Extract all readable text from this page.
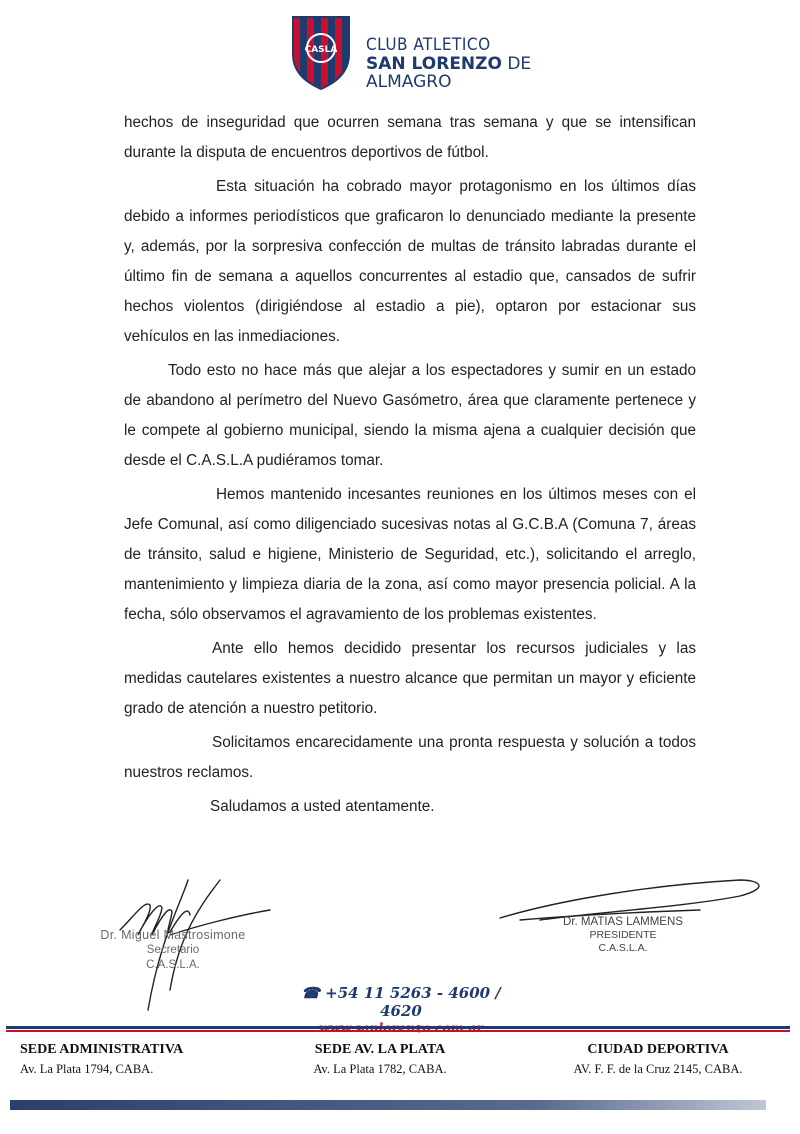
CASLA CLUB ATLETICO
SAN LORENZO DE ALMAGRO

hechos de inseguridad que ocurren semana tras semana y que se intensifican durante la disputa de encuentros deportivos de fútbol.

Esta situación ha cobrado mayor protagonismo en los últimos días debido a informes periodísticos que graficaron lo denunciado mediante la presente y, además, por la sorpresiva confección de multas de tránsito labradas durante el último fin de semana a aquellos concurrentes al estadio que, cansados de sufrir hechos violentos (dirigiéndose al estadio a pie), optaron por estacionar sus vehículos en las inmediaciones.

Todo esto no hace más que alejar a los espectadores y sumir en un estado de abandono al perímetro del Nuevo Gasómetro, área que claramente pertenece y le compete al gobierno municipal, siendo la misma ajena a cualquier decisión que desde el C.A.S.L.A pudiéramos tomar.

Hemos mantenido incesantes reuniones en los últimos meses con el Jefe Comunal, así como diligenciado sucesivas notas al G.C.B.A (Comuna 7, áreas de tránsito, salud e higiene, Ministerio de Seguridad, etc.), solicitando el arreglo, mantenimiento y limpieza diaria de la zona, así como mayor presencia policial. A la fecha, sólo observamos el agravamiento de los problemas existentes.

Ante ello hemos decidido presentar los recursos judiciales y las medidas cautelares existentes a nuestro alcance que permitan un mayor y eficiente grado de atención a nuestro petitorio.

Solicitamos encarecidamente una pronta respuesta y solución a todos nuestros reclamos.

Saludamos a usted atentamente.

Dr. Miguel Mastrosimone
Secretario
C.A.S.L.A.
Dr. MATIAS LAMMENS
PRESIDENTE
C.A.S.L.A.
☎ +54 11 5263 - 4600 / 4620
SEDE ADMINISTRATIVA
Av. La Plata 1794, CABA.
SEDE AV. LA PLATA
Av. La Plata 1782, CABA.
CIUDAD DEPORTIVA
AV. F. F. de la Cruz 2145, CABA.
